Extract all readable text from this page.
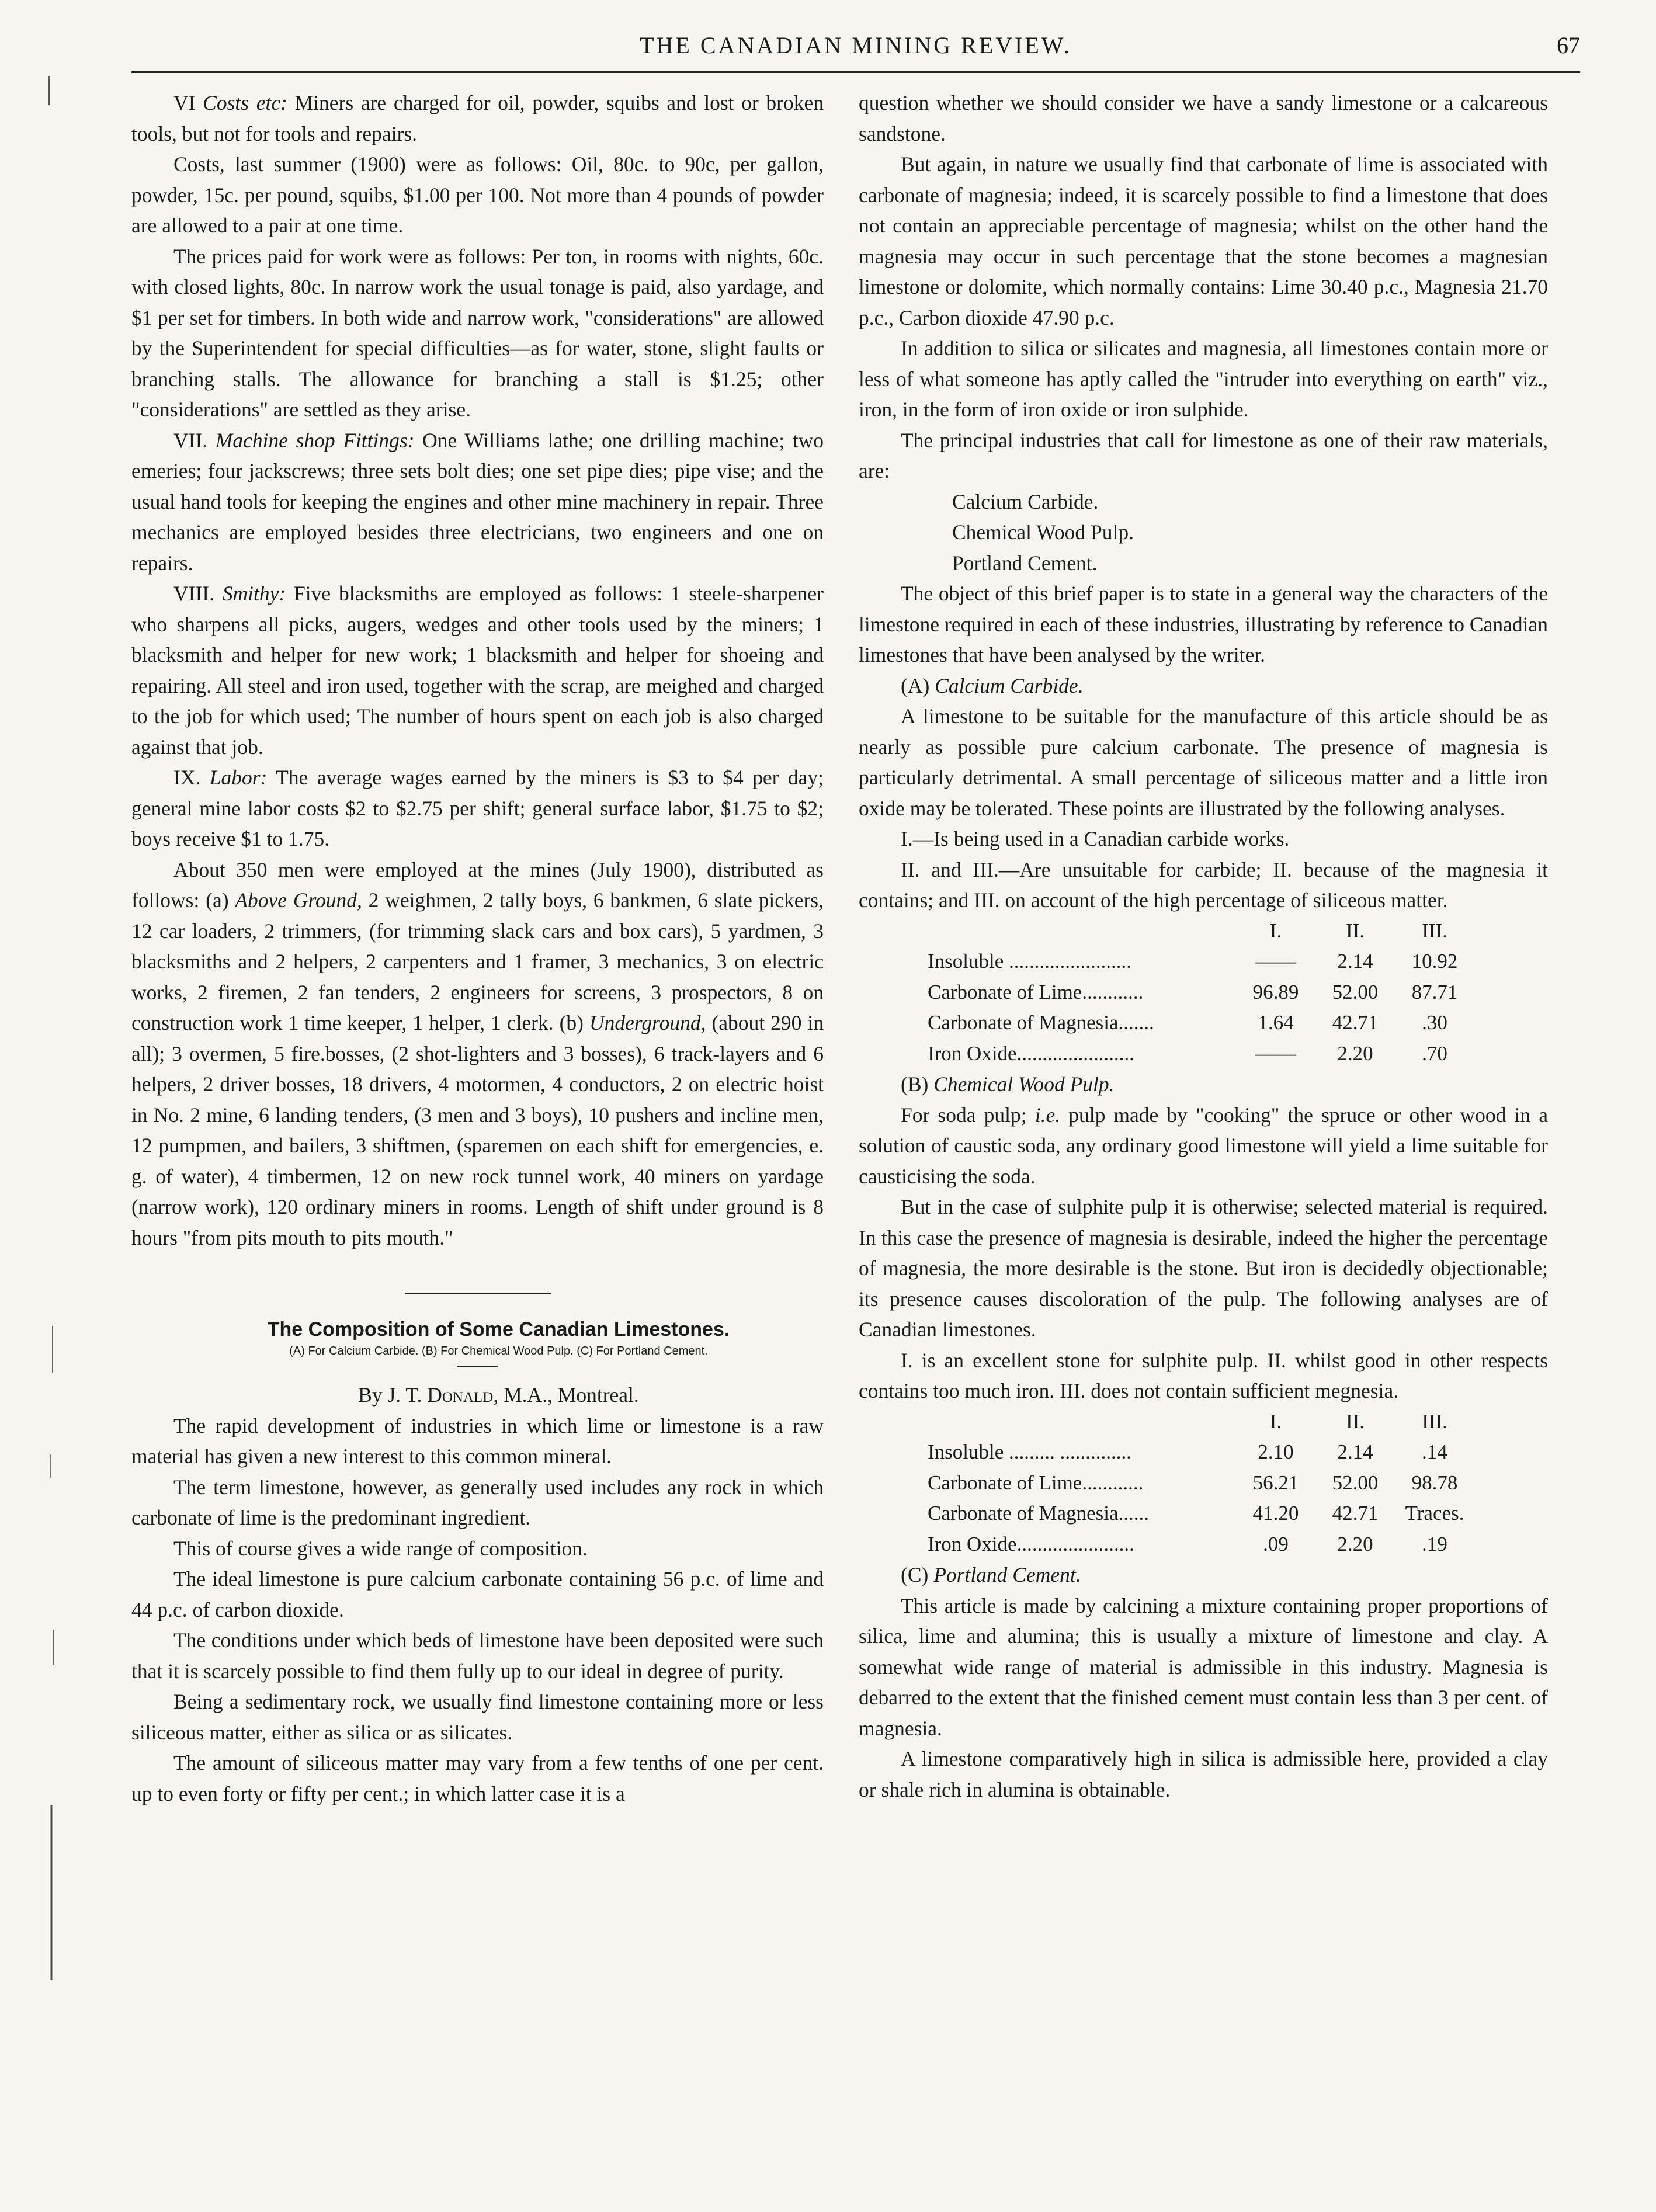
THE CANADIAN MINING REVIEW.	67

VI Costs etc: Miners are charged for oil, powder, squibs and lost or broken tools, but not for tools and repairs.

Costs, last summer (1900) were as follows: Oil, 80c. to 90c, per gallon, powder, 15c. per pound, squibs, $1.00 per 100. Not more than 4 pounds of powder are allowed to a pair at one time.

The prices paid for work were as follows: Per ton, in rooms with nights, 60c. with closed lights, 80c. In narrow work the usual tonage is paid, also yardage, and $1 per set for timbers. In both wide and narrow work, "considerations" are allowed by the Superintendent for special difficulties—as for water, stone, slight faults or branching stalls. The allowance for branching a stall is $1.25; other "considerations" are settled as they arise.

VII. Machine shop Fittings: One Williams lathe; one drilling machine; two emeries; four jackscrews; three sets bolt dies; one set pipe dies; pipe vise; and the usual hand tools for keeping the engines and other mine machinery in repair. Three mechanics are employed besides three electricians, two engineers and one on repairs.

VIII. Smithy: Five blacksmiths are employed as follows: 1 steele-sharpener who sharpens all picks, augers, wedges and other tools used by the miners; 1 blacksmith and helper for new work; 1 blacksmith and helper for shoeing and repairing. All steel and iron used, together with the scrap, are meighed and charged to the job for which used; The number of hours spent on each job is also charged against that job.

IX. Labor: The average wages earned by the miners is $3 to $4 per day; general mine labor costs $2 to $2.75 per shift; general surface labor, $1.75 to $2; boys receive $1 to 1.75.

About 350 men were employed at the mines (July 1900), distributed as follows: (a) Above Ground, 2 weighmen, 2 tally boys, 6 bankmen, 6 slate pickers, 12 car loaders, 2 trimmers, (for trimming slack cars and box cars), 5 yardmen, 3 blacksmiths and 2 helpers, 2 carpenters and 1 framer, 3 mechanics, 3 on electric works, 2 firemen, 2 fan tenders, 2 engineers for screens, 3 prospectors, 8 on construction work 1 time keeper, 1 helper, 1 clerk. (b) Underground, (about 290 in all); 3 overmen, 5 fire.bosses, (2 shot-lighters and 3 bosses), 6 track-layers and 6 helpers, 2 driver bosses, 18 drivers, 4 motormen, 4 conductors, 2 on electric hoist in No. 2 mine, 6 landing tenders, (3 men and 3 boys), 10 pushers and incline men, 12 pumpmen, and bailers, 3 shiftmen, (sparemen on each shift for emergencies, e. g. of water), 4 timbermen, 12 on new rock tunnel work, 40 miners on yardage (narrow work), 120 ordinary miners in rooms. Length of shift under ground is 8 hours "from pits mouth to pits mouth."

The Composition of Some Canadian Limestones.

(A) For Calcium Carbide. (B) For Chemical Wood Pulp. (C) For Portland Cement.

By J. T. Donald, M.A., Montreal.

The rapid development of industries in which lime or limestone is a raw material has given a new interest to this common mineral.

The term limestone, however, as generally used includes any rock in which carbonate of lime is the predominant ingredient.

This of course gives a wide range of composition.

The ideal limestone is pure calcium carbonate containing 56 p.c. of lime and 44 p.c. of carbon dioxide.

The conditions under which beds of limestone have been deposited were such that it is scarcely possible to find them fully up to our ideal in degree of purity.

Being a sedimentary rock, we usually find limestone containing more or less siliceous matter, either as silica or as silicates.

The amount of siliceous matter may vary from a few tenths of one per cent. up to even forty or fifty per cent.; in which latter case it is a

question whether we should consider we have a sandy limestone or a calcareous sandstone.

But again, in nature we usually find that carbonate of lime is associated with carbonate of magnesia; indeed, it is scarcely possible to find a limestone that does not contain an appreciable percentage of magnesia; whilst on the other hand the magnesia may occur in such percentage that the stone becomes a magnesian limestone or dolomite, which normally contains: Lime 30.40 p.c., Magnesia 21.70 p.c., Carbon dioxide 47.90 p.c.

In addition to silica or silicates and magnesia, all limestones contain more or less of what someone has aptly called the "intruder into everything on earth" viz., iron, in the form of iron oxide or iron sulphide.

The principal industries that call for limestone as one of their raw materials, are:

Calcium Carbide.

Chemical Wood Pulp.

Portland Cement.

The object of this brief paper is to state in a general way the characters of the limestone required in each of these industries, illustrating by reference to Canadian limestones that have been analysed by the writer.

(A) Calcium Carbide.

A limestone to be suitable for the manufacture of this article should be as nearly as possible pure calcium carbonate. The presence of magnesia is particularly detrimental. A small percentage of siliceous matter and a little iron oxide may be tolerated. These points are illustrated by the following analyses.

I.—Is being used in a Canadian carbide works.

II. and III.—Are unsuitable for carbide; II. because of the magnesia it contains; and III. on account of the high percentage of siliceous matter.

	I.	II.	III.
Insoluble ........................	——	2.14	10.92
Carbonate of Lime............	96.89	52.00	87.71
Carbonate of Magnesia.......	1.64	42.71	.30
Iron Oxide.......................	——	2.20	.70

(B) Chemical Wood Pulp.

For soda pulp; i.e. pulp made by "cooking" the spruce or other wood in a solution of caustic soda, any ordinary good limestone will yield a lime suitable for causticising the soda.

But in the case of sulphite pulp it is otherwise; selected material is required. In this case the presence of magnesia is desirable, indeed the higher the percentage of magnesia, the more desirable is the stone. But iron is decidedly objectionable; its presence causes discoloration of the pulp. The following analyses are of Canadian limestones.

I. is an excellent stone for sulphite pulp. II. whilst good in other respects contains too much iron. III. does not contain sufficient megnesia.

	I.	II.	III.
Insoluble ......... ..............	2.10	2.14	.14
Carbonate of Lime............	56.21	52.00	98.78
Carbonate of Magnesia......	41.20	42.71	Traces.
Iron Oxide.......................	.09	2.20	.19

(C) Portland Cement.

This article is made by calcining a mixture containing proper proportions of silica, lime and alumina; this is usually a mixture of limestone and clay. A somewhat wide range of material is admissible in this industry. Magnesia is debarred to the extent that the finished cement must contain less than 3 per cent. of magnesia.

A limestone comparatively high in silica is admissible here, provided a clay or shale rich in alumina is obtainable.
